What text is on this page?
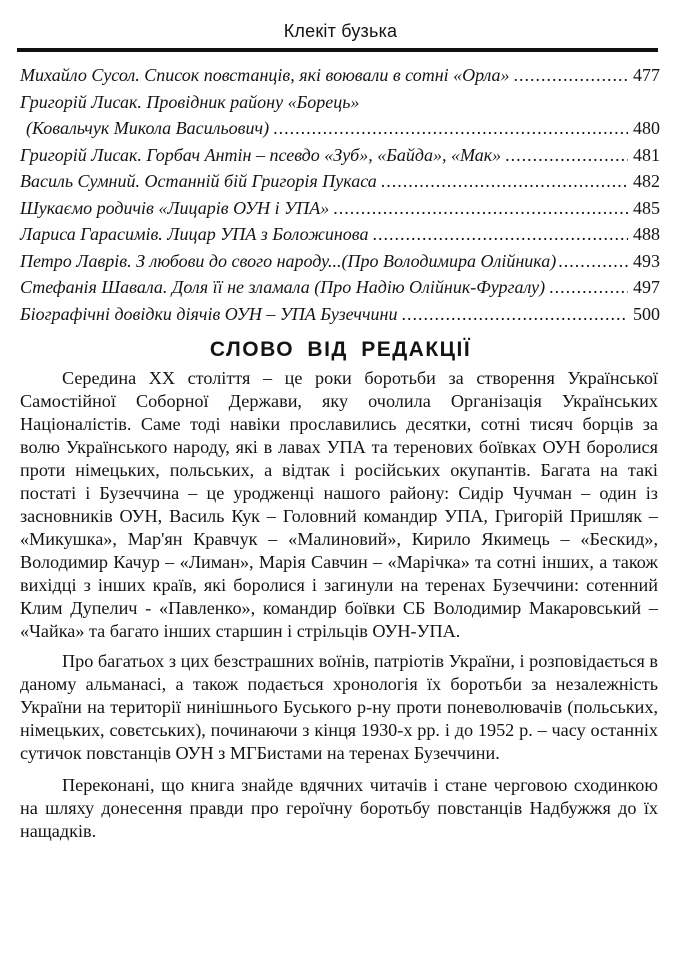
Клекіт бузька
Михайло Сусол. Список повстанців, які воювали в сотні «Орла» .....	477
Григорій Лисак. Провідник району «Борець»
(Ковальчук Микола Васильович) .....	480
Григорій Лисак. Горбач Антін – псевдо «Зуб», «Байда», «Мак» .....	481
Василь Сумний. Останній бій Григорія Пукаса .....	482
Шукаємо родичів «Лицарів ОУН і УПА» .....	485
Лариса Гарасимів. Лицар УПА з Боложинова .....	488
Петро Лаврів. З любови до свого народу...(Про Володимира Олійника) .....	493
Стефанія Шавала. Доля її не зламала (Про Надію Олійник-Фургалу) .....	497
Біографічні довідки діячів ОУН – УПА Бузеччини .....	500
СЛОВО ВІД РЕДАКЦІЇ

Середина XX століття – це роки боротьби за створення Української Самостійної Соборної Держави, яку очолила Організація Українських Націоналістів. Саме тоді навіки прославились десятки, сотні тисяч борців за волю Українського народу, які в лавах УПА та теренових боївках ОУН боролися проти німецьких, польських, а відтак і російських окупантів. Багата на такі постаті і Бузеччина – це уродженці нашого району: Сидір Чучман – один із засновників ОУН, Василь Кук – Головний командир УПА, Григорій Пришляк – «Микушка», Мар'ян Кравчук – «Малиновий», Кирило Якимець – «Бескид», Володимир Качур – «Лиман», Марія Савчин – «Марічка» та сотні інших, а також вихідці з інших країв, які боролися і загинули на теренах Бузеччини: сотенний Клим Дупелич - «Павленко», командир боївки СБ Володимир Макаровський – «Чайка» та багато інших старшин і стрільців ОУН-УПА.

Про багатьох з цих безстрашних воїнів, патріотів України, і розповідається в даному альманасі, а також подається хронологія їх боротьби за незалежність України на території нинішнього Буського р-ну проти поневолювачів (польських, німецьких, совєтських), починаючи з кінця 1930-х рр. і до 1952 р. – часу останніх сутичок повстанців ОУН з МГБистами на теренах Бузеччини.

Переконані, що книга знайде вдячних читачів і стане черговою сходинкою на шляху донесення правди про героїчну боротьбу повстанців Надбужжя до їх нащадків.
